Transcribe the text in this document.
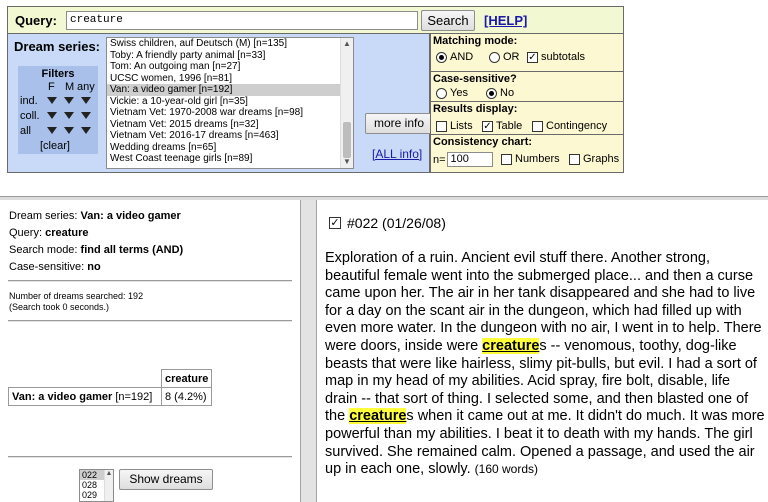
Query:	creature	Search	[HELP]
Dream series:
Filters
F M any
ind.
coll.
all
[clear]
Swiss children, auf Deutsch (M) [n=135]
Toby: A friendly party animal [n=33]
Tom: An outgoing man [n=27]
UCSC women, 1996 [n=81]
Van: a video gamer [n=192]
Vickie: a 10-year-old girl [n=35]
Vietnam Vet: 1970-2008 war dreams [n=98]
Vietnam Vet: 2015 dreams [n=32]
Vietnam Vet: 2016-17 dreams [n=463]
Wedding dreams [n=65]
West Coast teenage girls [n=89]
▲
▼
more info
[ALL info]
Matching mode:
AND	OR ✓ subtotals
Case-sensitive?
Yes	No
Results display:
Lists ✓ Table Contingency
Consistency chart:
n= 100	Numbers Graphs
Dream series: Van: a video gamer
Query: creature
Search mode: find all terms (AND)
Case-sensitive: no
Number of dreams searched: 192
(Search took 0 seconds.)
	creature
Van: a video gamer [n=192]	8 (4.2%)
022
028
029
▲	Show dreams
✓ #022 (01/26/08)
Exploration of a ruin. Ancient evil stuff there. Another strong, beautiful female went into the submerged place... and then a curse came upon her. The air in her tank disappeared and she had to live for a day on the scant air in the dungeon, which had filled up with even more water. In the dungeon with no air, I went in to help. There were doors, inside were creatures -- venomous, toothy, dog-like beasts that were like hairless, slimy pit-bulls, but evil. I had a sort of map in my head of my abilities. Acid spray, fire bolt, disable, life drain -- that sort of thing. I selected some, and then blasted one of the creatures when it came out at me. It didn't do much. It was more powerful than my abilities. I beat it to death with my hands. The girl survived. She remained calm. Opened a passage, and used the air up in each one, slowly. (160 words)
